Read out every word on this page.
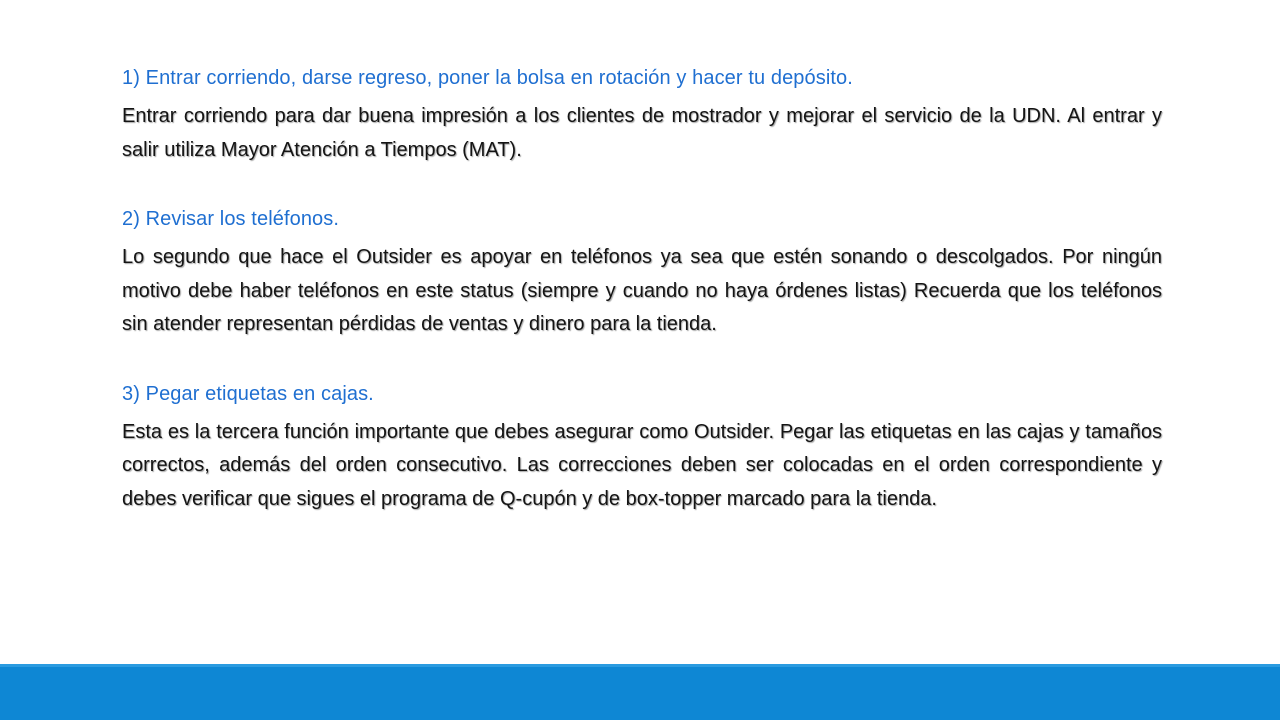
1) Entrar corriendo, darse regreso, poner la bolsa en rotación y hacer tu depósito.

Entrar corriendo para dar buena impresión a los clientes de mostrador y mejorar el servicio de la UDN. Al entrar y salir utiliza Mayor Atención a Tiempos (MAT).

2) Revisar los teléfonos.

Lo segundo que hace el Outsider es apoyar en teléfonos ya sea que estén sonando o descolgados. Por ningún motivo debe haber teléfonos en este status (siempre y cuando no haya órdenes listas) Recuerda que los teléfonos sin atender representan pérdidas de ventas y dinero para la tienda.

3) Pegar etiquetas en cajas.

Esta es la tercera función importante que debes asegurar como Outsider. Pegar las etiquetas en las cajas y tamaños correctos, además del orden consecutivo. Las correcciones deben ser colocadas en el orden correspondiente y debes verificar que sigues el programa de Q-cupón y de box-topper marcado para la tienda.
